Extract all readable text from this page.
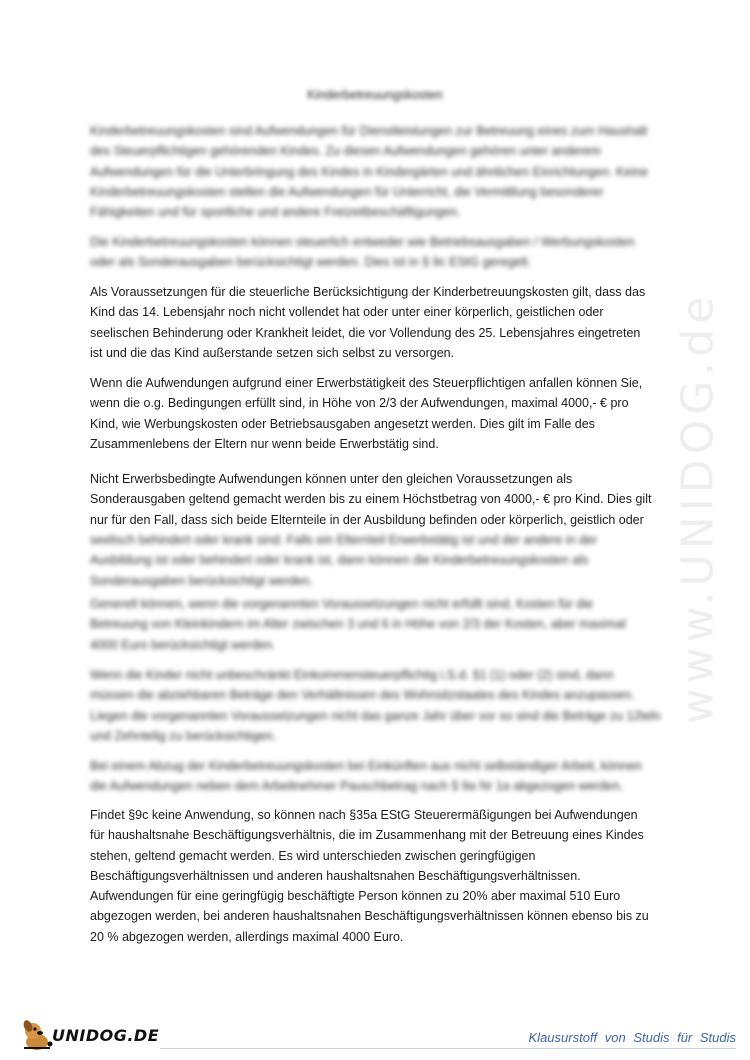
www.UNIDOG.de
Kinderbetreuungskosten

Kinderbetreuungskosten sind Aufwendungen für Dienstleistungen zur Betreuung eines zum Haushalt
des Steuerpflichtigen gehörenden Kindes. Zu diesen Aufwendungen gehören unter anderem
Aufwendungen für die Unterbringung des Kindes in Kindergärten und ähnlichen Einrichtungen. Keine
Kinderbetreuungskosten stellen die Aufwendungen für Unterricht, die Vermittlung besonderer
Fähigkeiten und für sportliche und andere Freizeitbeschäftigungen.

Die Kinderbetreuungskosten können steuerlich entweder wie Betriebsausgaben / Werbungskosten
oder als Sonderausgaben berücksichtigt werden. Dies ist in § 9c EStG geregelt.

Als Voraussetzungen für die steuerliche Berücksichtigung der Kinderbetreuungskosten gilt, dass das
Kind das 14. Lebensjahr noch nicht vollendet hat oder unter einer körperlich, geistlichen oder
seelischen Behinderung oder Krankheit leidet, die vor Vollendung des 25. Lebensjahres eingetreten
ist und die das Kind außerstande setzen sich selbst zu versorgen.

Wenn die Aufwendungen aufgrund einer Erwerbstätigkeit des Steuerpflichtigen anfallen können Sie,
wenn die o.g. Bedingungen erfüllt sind, in Höhe von 2/3 der Aufwendungen, maximal 4000,- € pro
Kind, wie Werbungskosten oder Betriebsausgaben angesetzt werden. Dies gilt im Falle des
Zusammenlebens der Eltern nur wenn beide Erwerbstätig sind.

Nicht Erwerbsbedingte Aufwendungen können unter den gleichen Voraussetzungen als
Sonderausgaben geltend gemacht werden bis zu einem Höchstbetrag von 4000,- € pro Kind. Dies gilt
nur für den Fall, dass sich beide Elternteile in der Ausbildung befinden oder körperlich, geistlich oder

seelisch behindert oder krank sind. Falls ein Elternteil Erwerbstätig ist und der andere in der
Ausbildung ist oder behindert oder krank ist, dann können die Kinderbetreuungskosten als
Sonderausgaben berücksichtigt werden.

Generell können, wenn die vorgenannten Voraussetzungen nicht erfüllt sind, Kosten für die
Betreuung von Kleinkindern im Alter zwischen 3 und 6 in Höhe von 2/3 der Kosten, aber maximal
4000 Euro berücksichtigt werden.

Wenn die Kinder nicht unbeschränkt Einkommensteuerpflichtig i.S.d. §1 (1) oder (2) sind, dann
müssen die abziehbaren Beträge den Verhältnissen des Wohnsitzstaates des Kindes anzupassen.
Liegen die vorgenannten Voraussetzungen nicht das ganze Jahr über vor so sind die Beträge zu 12teln
und Zehntelig zu berücksichtigen.

Bei einem Abzug der Kinderbetreuungskosten bei Einkünften aus nicht selbständiger Arbeit, können
die Aufwendungen neben dem Arbeitnehmer Pauschbetrag nach § 9a Nr 1a abgezogen werden.

Findet §9c keine Anwendung, so können nach §35a EStG Steuerermäßigungen bei Aufwendungen
für haushaltsnahe Beschäftigungsverhältnis, die im Zusammenhang mit der Betreuung eines Kindes
stehen, geltend gemacht werden. Es wird unterschieden zwischen geringfügigen
Beschäftigungsverhältnissen und anderen haushaltsnahen Beschäftigungsverhältnissen.
Aufwendungen für eine geringfügig beschäftigte Person können zu 20% aber maximal 510 Euro
abgezogen werden, bei anderen haushaltsnahen Beschäftigungsverhältnissen können ebenso bis zu
20 % abgezogen werden, allerdings maximal 4000 Euro.

UNIDOG.DE	Klausurstoff von Studis für Studis
